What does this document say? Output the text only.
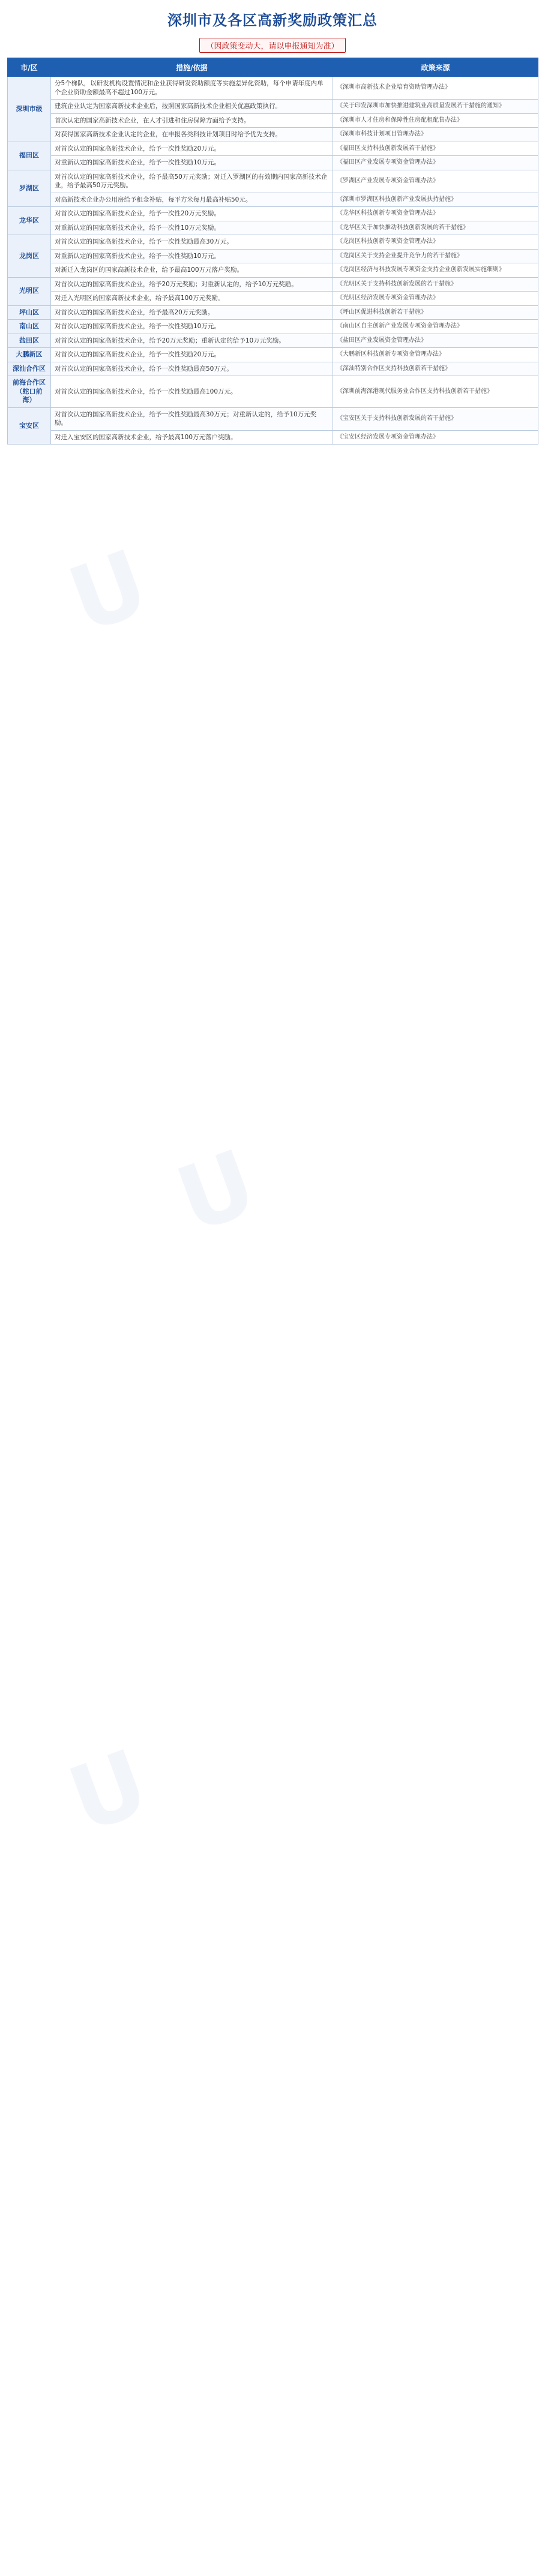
U
U
U
深圳市及各区高新奖励政策汇总
（因政策变动大，请以申报通知为准）
市/区	措施/依据	政策来源
深圳市级	分5个梯队，以研发机构设置情况和企业获得研发资助额度等实施差异化资助，每个申请年度内单个企业资助金额最高不超过100万元。	《深圳市高新技术企业培育资助管理办法》
	建筑企业认定为国家高新技术企业后，按照国家高新技术企业相关优惠政策执行。	《关于印发深圳市加快推进建筑业高质量发展若干措施的通知》
	首次认定的国家高新技术企业，在人才引进和住房保障方面给予支持。	《深圳市人才住房和保障性住房配租配售办法》
	对获得国家高新技术企业认定的企业，在申报各类科技计划项目时给予优先支持。	《深圳市科技计划项目管理办法》
福田区	对首次认定的国家高新技术企业，给予一次性奖励20万元。	《福田区支持科技创新发展若干措施》
	对重新认定的国家高新技术企业，给予一次性奖励10万元。	《福田区产业发展专项资金管理办法》
罗湖区	对首次认定的国家高新技术企业，给予最高50万元奖励；对迁入罗湖区的有效期内国家高新技术企业，给予最高50万元奖励。	《罗湖区产业发展专项资金管理办法》
	对高新技术企业办公用房给予租金补贴，每平方米每月最高补贴50元。	《深圳市罗湖区科技创新产业发展扶持措施》
龙华区	对首次认定的国家高新技术企业，给予一次性20万元奖励。	《龙华区科技创新专项资金管理办法》
	对重新认定的国家高新技术企业，给予一次性10万元奖励。	《龙华区关于加快推动科技创新发展的若干措施》
龙岗区	对首次认定的国家高新技术企业，给予一次性奖励最高30万元。	《龙岗区科技创新专项资金管理办法》
	对重新认定的国家高新技术企业，给予一次性奖励10万元。	《龙岗区关于支持企业提升竞争力的若干措施》
	对新迁入龙岗区的国家高新技术企业，给予最高100万元落户奖励。	《龙岗区经济与科技发展专项资金支持企业创新发展实施细则》
光明区	对首次认定的国家高新技术企业，给予20万元奖励；对重新认定的，给予10万元奖励。	《光明区关于支持科技创新发展的若干措施》
	对迁入光明区的国家高新技术企业，给予最高100万元奖励。	《光明区经济发展专项资金管理办法》
坪山区	对首次认定的国家高新技术企业，给予最高20万元奖励。	《坪山区促进科技创新若干措施》
南山区	对首次认定的国家高新技术企业，给予一次性奖励10万元。	《南山区自主创新产业发展专项资金管理办法》
盐田区	对首次认定的国家高新技术企业，给予20万元奖励；重新认定的给予10万元奖励。	《盐田区产业发展资金管理办法》
大鹏新区	对首次认定的国家高新技术企业，给予一次性奖励20万元。	《大鹏新区科技创新专项资金管理办法》
深汕合作区	对首次认定的国家高新技术企业，给予一次性奖励最高50万元。	《深汕特别合作区支持科技创新若干措施》
前海合作区（蛇口前海）	对首次认定的国家高新技术企业，给予一次性奖励最高100万元。	《深圳前海深港现代服务业合作区支持科技创新若干措施》
宝安区	对首次认定的国家高新技术企业，给予一次性奖励最高30万元；对重新认定的，给予10万元奖励。	《宝安区关于支持科技创新发展的若干措施》
	对迁入宝安区的国家高新技术企业，给予最高100万元落户奖励。	《宝安区经济发展专项资金管理办法》
